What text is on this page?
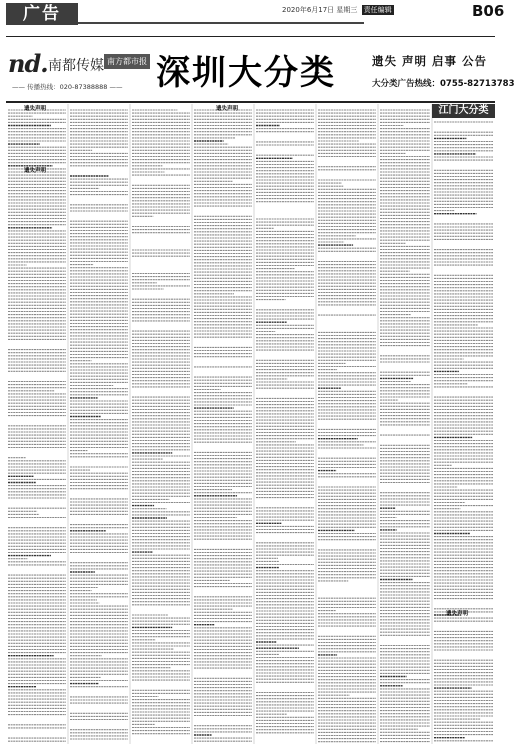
广告	2020年6月17日 星期三 责任编辑	B06
nd. 南都传媒 南方都市报
—— 传播热线：020-87388888 —— 深圳大分类	遗失 声明 启事 公告
大分类广告热线：0755-82713783
遗失声明
遗失声明
遗失声明
遗失声明
江门大分类
